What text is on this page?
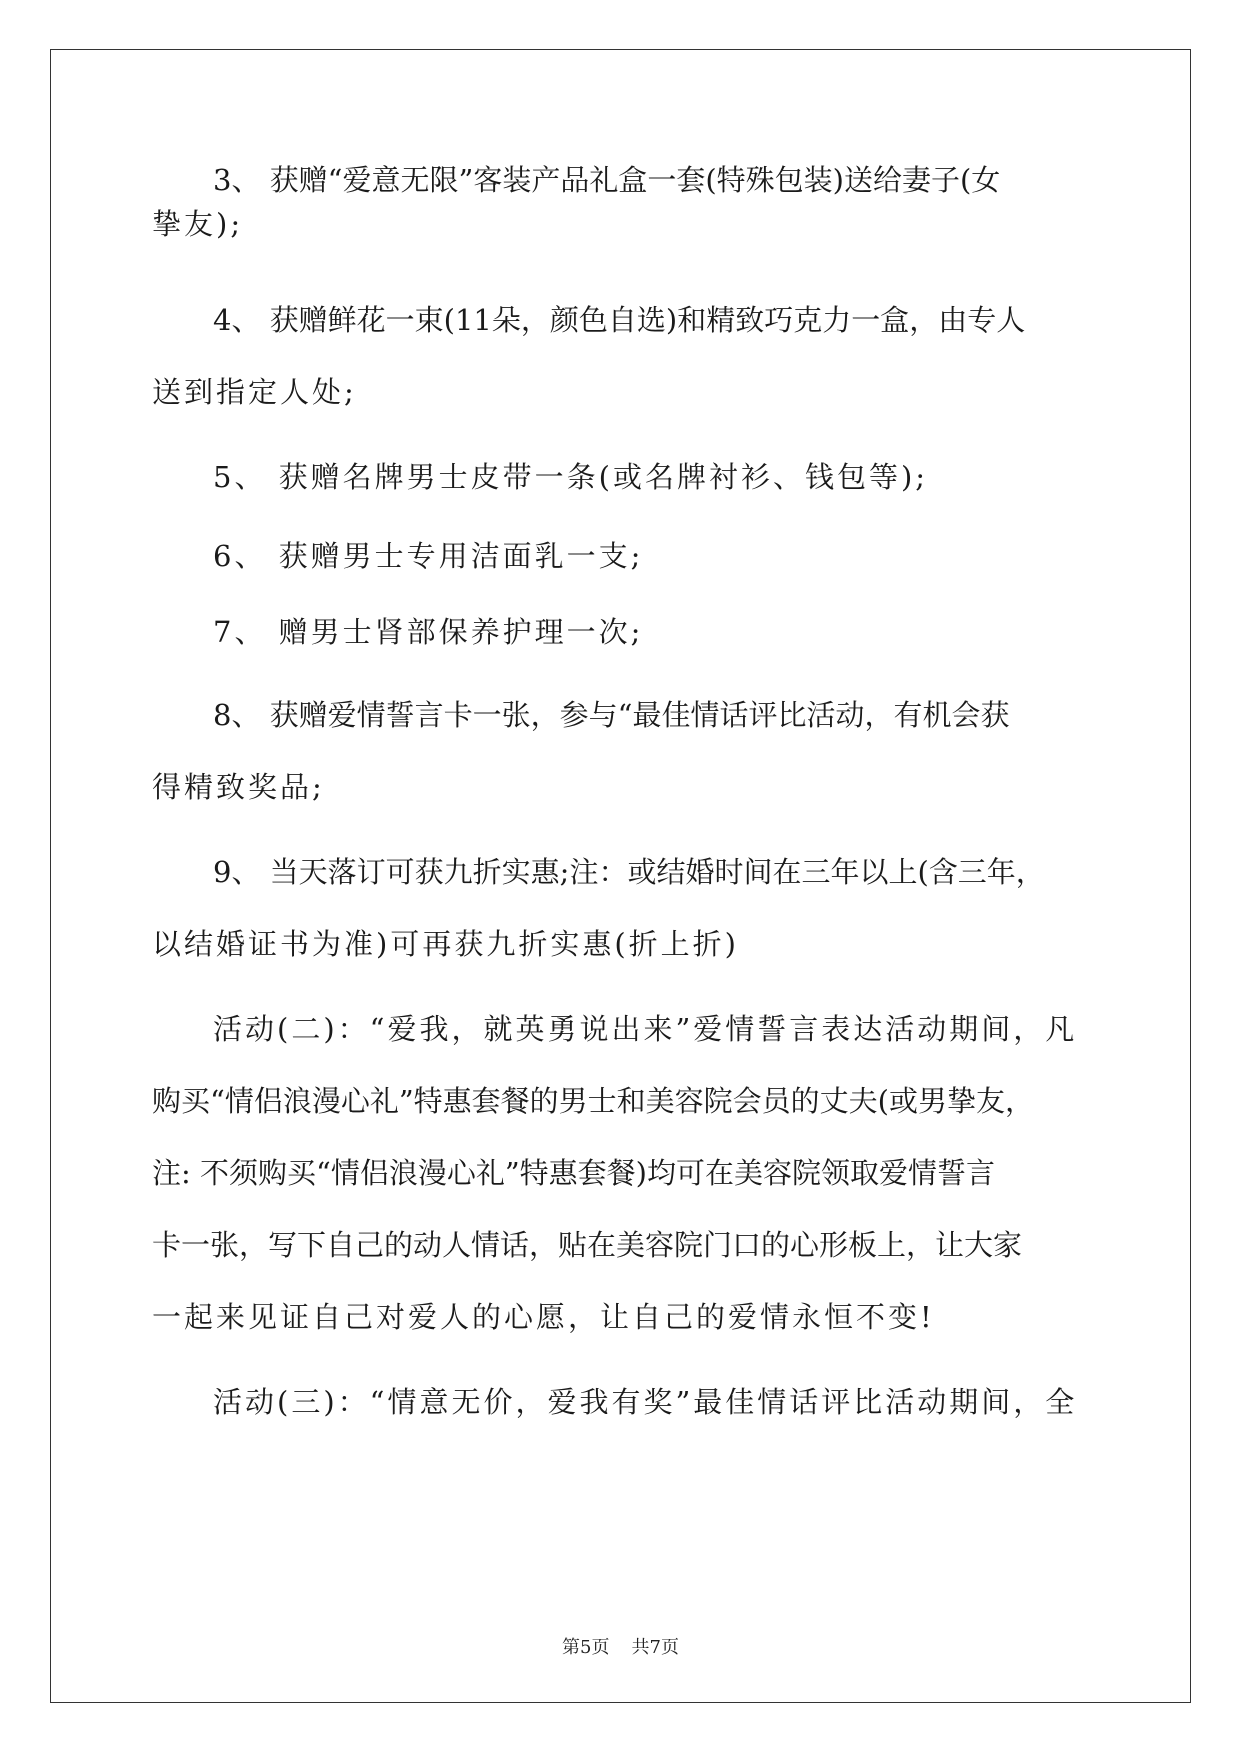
3、 获赠“爱意无限”客装产品礼盒一套(特殊包装)送给妻子(女
挚友);
4、 获赠鲜花一束(11朵，颜色自选)和精致巧克力一盒，由专人
送到指定人处;
5、 获赠名牌男士皮带一条(或名牌衬衫、钱包等);
6、 获赠男士专用洁面乳一支;
7、 赠男士肾部保养护理一次;
8、 获赠爱情誓言卡一张，参与“最佳情话评比活动，有机会获
得精致奖品;
9、 当天落订可获九折实惠;注：或结婚时间在三年以上(含三年，
以结婚证书为准)可再获九折实惠(折上折)
活动(二)：“爱我，就英勇说出来”爱情誓言表达活动期间，凡
购买“情侣浪漫心礼”特惠套餐的男士和美容院会员的丈夫(或男挚友，
注: 不须购买“情侣浪漫心礼”特惠套餐)均可在美容院领取爱情誓言
卡一张，写下自己的动人情话，贴在美容院门口的心形板上，让大家
一起来见证自己对爱人的心愿，让自己的爱情永恒不变!
活动(三)：“情意无价，爱我有奖”最佳情话评比活动期间，全
第5页 共7页
